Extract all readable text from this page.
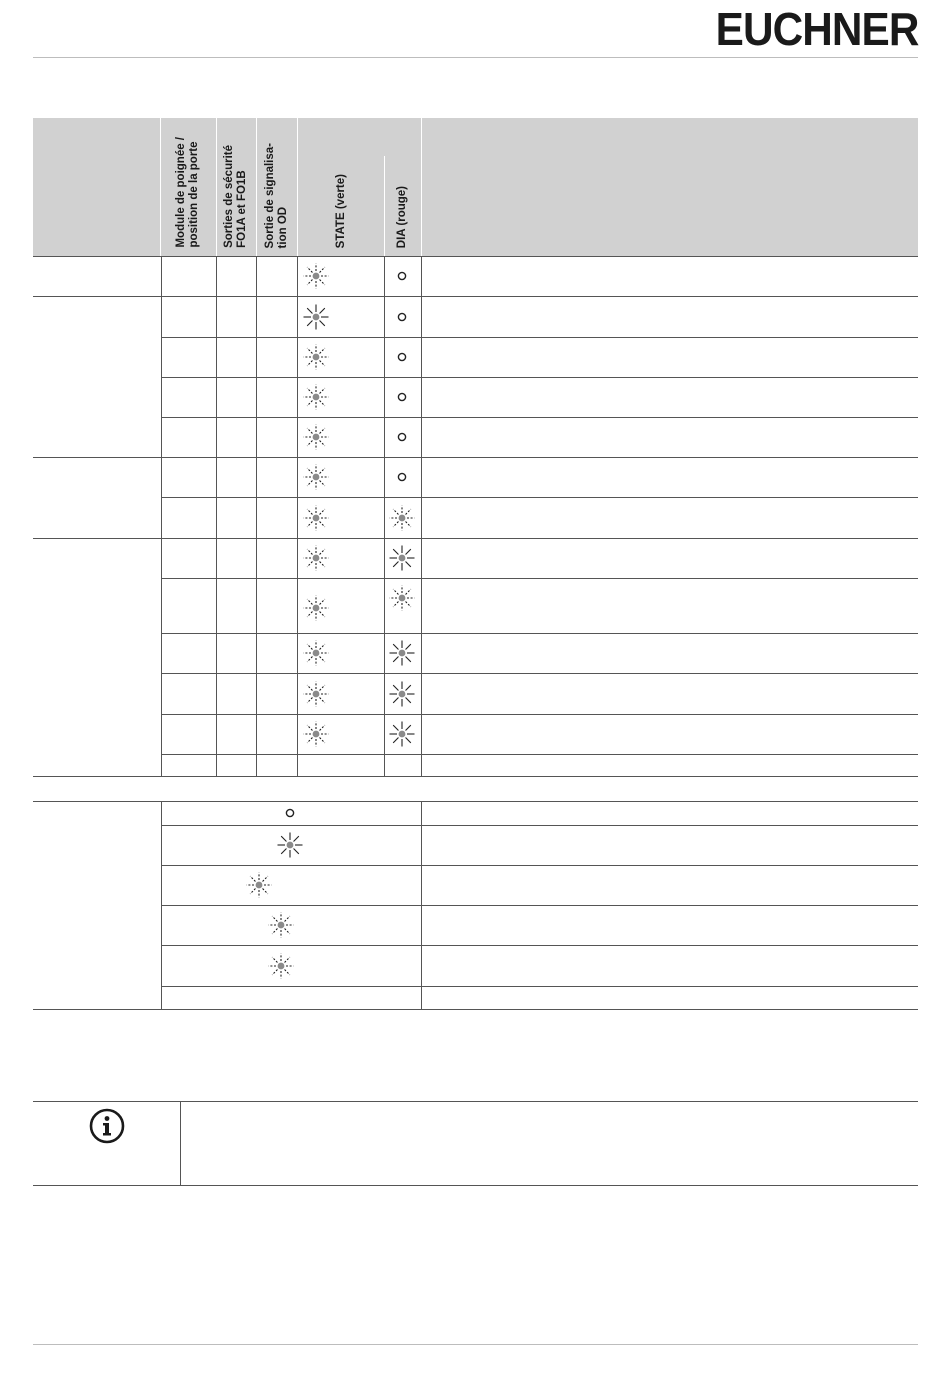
EUCHNER
Module de poignée /
position de la porte
Sorties de sécurité
FO1A et FO1B
Sortie de signalisa-
tion OD	STATE (verte)	DIA (rouge)
